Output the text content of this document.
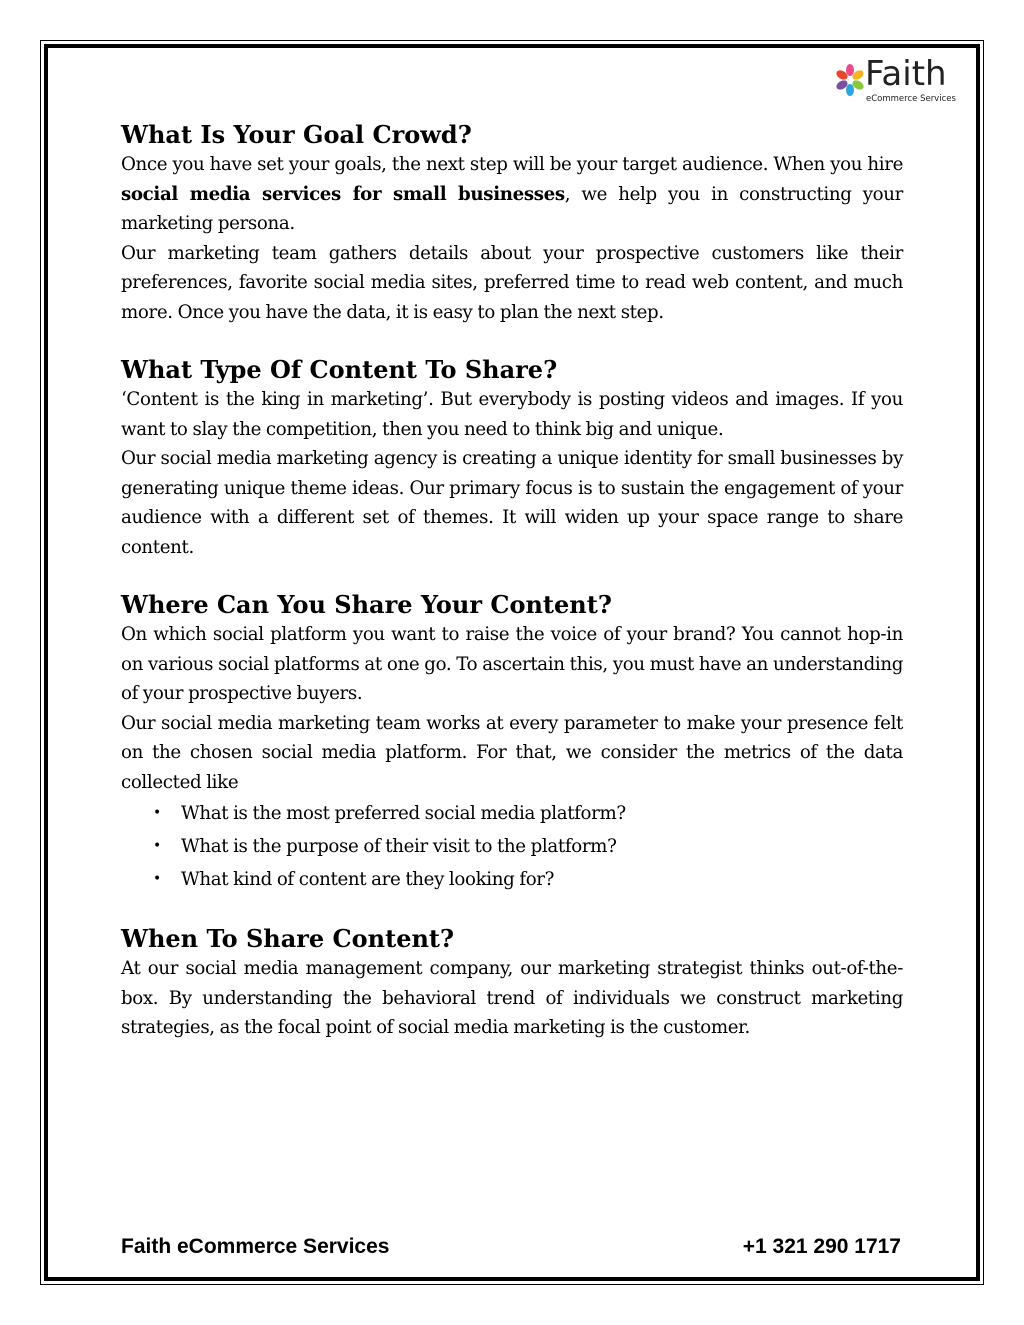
Faith
eCommerce Services
What Is Your Goal Crowd?

Once you have set your goals, the next step will be your target audience. When you hire social media services for small businesses, we help you in constructing your marketing persona.

Our marketing team gathers details about your prospective customers like their preferences, favorite social media sites, preferred time to read web content, and much more. Once you have the data, it is easy to plan the next step.

What Type Of Content To Share?

‘Content is the king in marketing’. But everybody is posting videos and images. If you want to slay the competition, then you need to think big and unique.

Our social media marketing agency is creating a unique identity for small businesses by generating unique theme ideas. Our primary focus is to sustain the engagement of your audience with a different set of themes. It will widen up your space range to share content.

Where Can You Share Your Content?

On which social platform you want to raise the voice of your brand? You cannot hop-in on various social platforms at one go. To ascertain this, you must have an understanding of your prospective buyers.

Our social media marketing team works at every parameter to make your presence felt on the chosen social media platform. For that, we consider the metrics of the data collected like

• What is the most preferred social media platform?
• What is the purpose of their visit to the platform?
• What kind of content are they looking for?
When To Share Content?

At our social media management company, our marketing strategist thinks out-of-the-box. By understanding the behavioral trend of individuals we construct marketing strategies, as the focal point of social media marketing is the customer.

Faith eCommerce Services	+1 321 290 1717
